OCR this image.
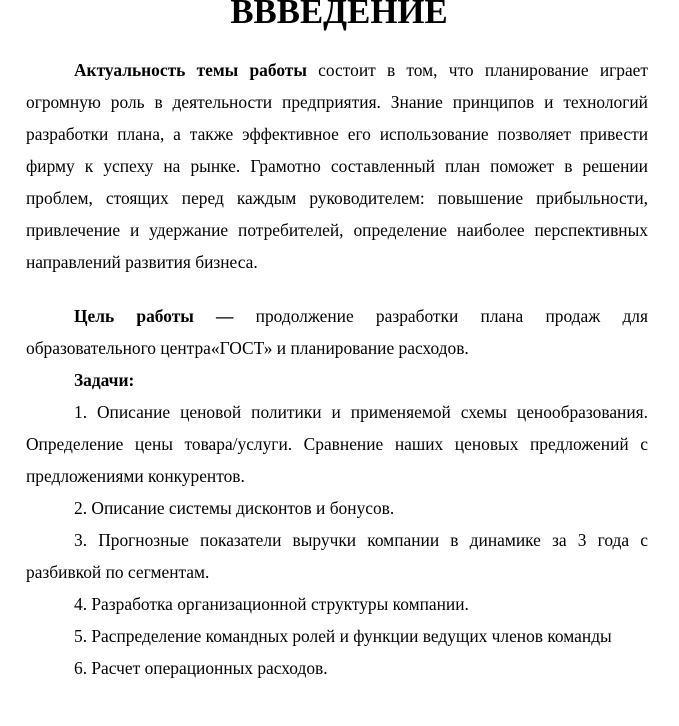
ВВВЕДЕНИЕ

Актуальность темы работы состоит в том, что планирование играет огромную роль в деятельности предприятия. Знание принципов и технологий разработки плана, а также эффективное его использование позволяет привести фирму к успеху на рынке. Грамотно составленный план поможет в решении проблем, стоящих перед каждым руководителем: повышение прибыльности, привлечение и удержание потребителей, определение наиболее перспективных направлений развития бизнеса.

Цель работы — продолжение разработки плана продаж для образовательного центра«ГОСТ» и планирование расходов.

Задачи:

1. Описание ценовой политики и применяемой схемы ценообразования. Определение цены товара/услуги. Сравнение наших ценовых предложений с предложениями конкурентов.

2. Описание системы дисконтов и бонусов.

3. Прогнозные показатели выручки компании в динамике за 3 года с разбивкой по сегментам.

4. Разработка организационной структуры компании.

5. Распределение командных ролей и функции ведущих членов команды

6. Расчет операционных расходов.
